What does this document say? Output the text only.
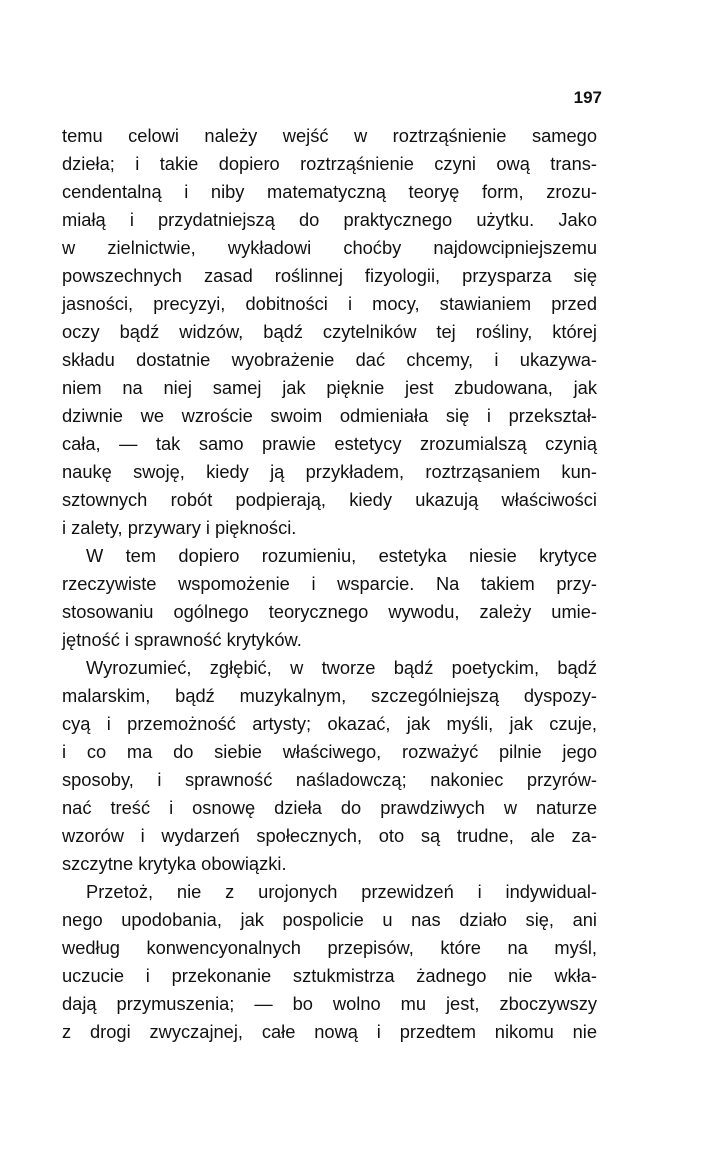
197
temu celowi należy wejść w roztrząśnienie samego
dzieła; i takie dopiero roztrząśnienie czyni ową trans-
cendentalną i niby matematyczną teoryę form, zrozu-
miałą i przydatniejszą do praktycznego użytku. Jako
w zielnictwie, wykładowi choćby najdowcipniejszemu
powszechnych zasad roślinnej fizyologii, przysparza się
jasności, precyzyi, dobitności i mocy, stawianiem przed
oczy bądź widzów, bądź czytelników tej rośliny, której
składu dostatnie wyobrażenie dać chcemy, i ukazywa-
niem na niej samej jak pięknie jest zbudowana, jak
dziwnie we wzroście swoim odmieniała się i przekształ-
cała, — tak samo prawie estetycy zrozumialszą czynią
naukę swoję, kiedy ją przykładem, roztrząsaniem kun-
sztownych robót podpierają, kiedy ukazują właściwości
i zalety, przywary i piękności.
W tem dopiero rozumieniu, estetyka niesie krytyce
rzeczywiste wspomożenie i wsparcie. Na takiem przy-
stosowaniu ogólnego teorycznego wywodu, zależy umie-
jętność i sprawność krytyków.
Wyrozumieć, zgłębić, w tworze bądź poetyckim, bądź
malarskim, bądź muzykalnym, szczególniejszą dyspozy-
cyą i przemożność artysty; okazać, jak myśli, jak czuje,
i co ma do siebie właściwego, rozważyć pilnie jego
sposoby, i sprawność naśladowczą; nakoniec przyrów-
nać treść i osnowę dzieła do prawdziwych w naturze
wzorów i wydarzeń społecznych, oto są trudne, ale za-
szczytne krytyka obowiązki.
Przetoż, nie z urojonych przewidzeń i indywidual-
nego upodobania, jak pospolicie u nas działo się, ani
według konwencyonalnych przepisów, które na myśl,
uczucie i przekonanie sztukmistrza żadnego nie wkła-
dają przymuszenia; — bo wolno mu jest, zboczywszy
z drogi zwyczajnej, całe nową i przedtem nikomu nie
